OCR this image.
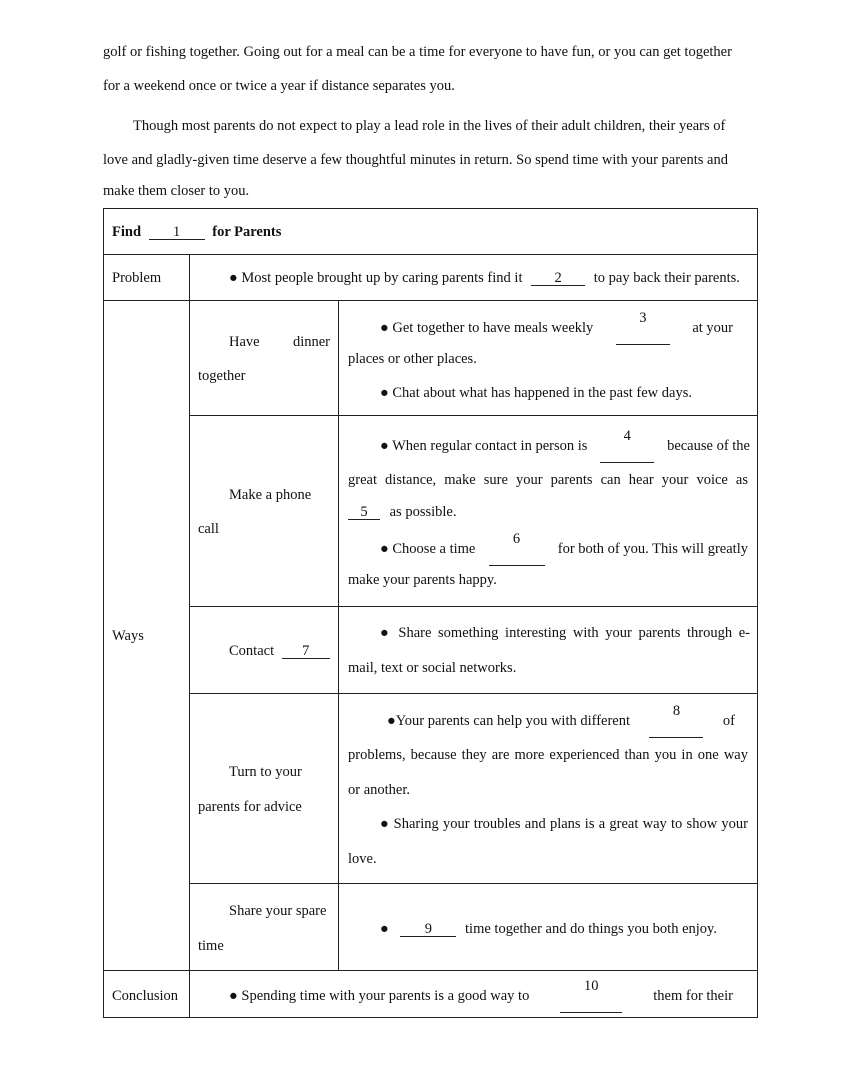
golf or fishing together. Going out for a meal can be a time for everyone to have fun, or you can get together
for a weekend once or twice a year if distance separates you.
Though most parents do not expect to play a lead role in the lives of their adult children, their years of
love and gladly-given time deserve a few thoughtful minutes in return. So spend time with your parents and
make them closer to you.
Find 1 for Parents
Problem	● Most people brought up by caring parents find it 2 to pay back their parents.
Ways
Have dinner
together
● Get together to have meals weekly
3
at your
places or other places.
● Chat about what has happened in the past few days.
Make a phone
call
● When regular contact in person is
4
because of the
great distance, make sure your parents can hear your voice as
5 as possible.
● Choose a time
6
for both of you. This will greatly
make your parents happy.
Contact 7
● Share something interesting with your parents through e-
mail, text or social networks.
Turn to your
parents for advice
●Your parents can help you with different
8
of
problems, because they are more experienced than you in one way
or another.
● Sharing your troubles and plans is a great way to show your
love.
Share your spare
time
● 9 time together and do things you both enjoy.
Conclusion	● Spending time with your parents is a good way to
10
them for their
